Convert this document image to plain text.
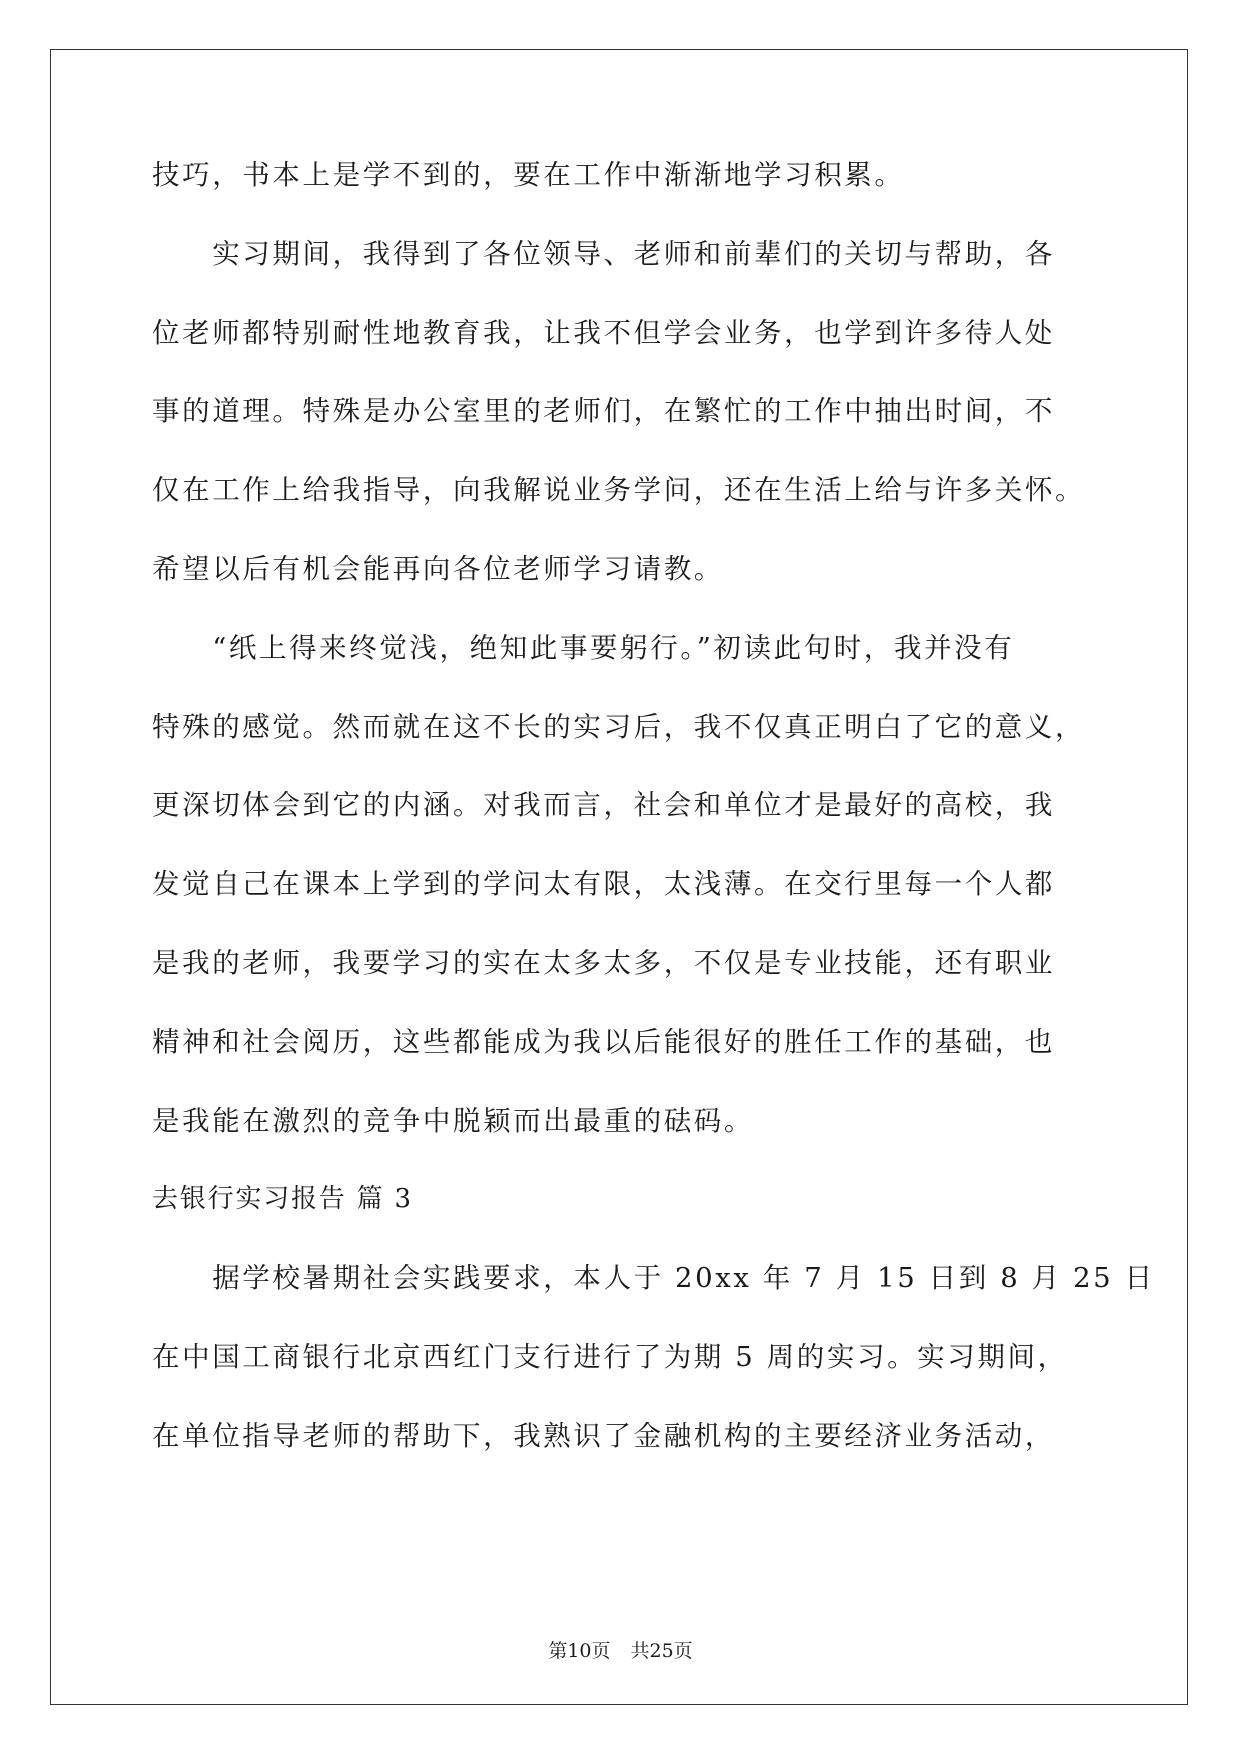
技巧，书本上是学不到的，要在工作中渐渐地学习积累。
　　实习期间，我得到了各位领导、老师和前辈们的关切与帮助，各
位老师都特别耐性地教育我，让我不但学会业务，也学到许多待人处
事的道理。特殊是办公室里的老师们，在繁忙的工作中抽出时间，不
仅在工作上给我指导，向我解说业务学问，还在生活上给与许多关怀。
希望以后有机会能再向各位老师学习请教。
　　“纸上得来终觉浅，绝知此事要躬行。”初读此句时，我并没有
特殊的感觉。然而就在这不长的实习后，我不仅真正明白了它的意义，
更深切体会到它的内涵。对我而言，社会和单位才是最好的高校，我
发觉自己在课本上学到的学问太有限，太浅薄。在交行里每一个人都
是我的老师，我要学习的实在太多太多，不仅是专业技能，还有职业
精神和社会阅历，这些都能成为我以后能很好的胜任工作的基础，也
是我能在激烈的竞争中脱颖而出最重的砝码。
去银行实习报告 篇 3
　　据学校暑期社会实践要求，本人于 20xx 年 7 月 15 日到 8 月 25 日
在中国工商银行北京西红门支行进行了为期 5 周的实习。实习期间，
在单位指导老师的帮助下，我熟识了金融机构的主要经济业务活动，
第10页 共25页
